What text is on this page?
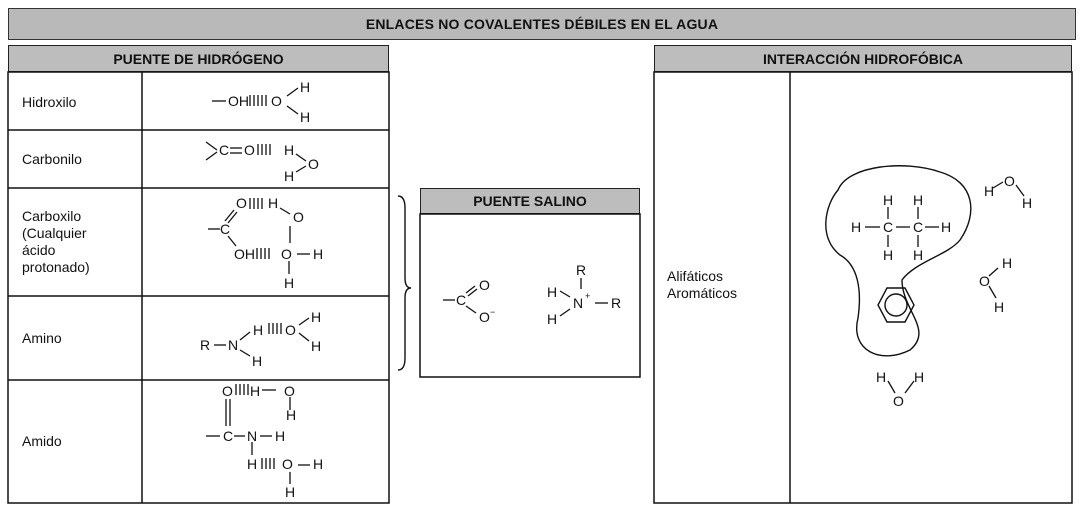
ENLACES NO COVALENTES DÉBILES EN EL AGUA
PUENTE DE HIDRÓGENO
PUENTE SALINO
INTERACCIÓN HIDROFÓBICA
Hidroxilo
Carbonilo
Carboxilo
(Cualquier
ácido
protonado)
Amino
Amido
Alifáticos
Aromáticos
OH O
H
H
C O H
O
H
O H
C
O
OH O H
H
R N
H
H
O
H
H
O H O
H
C N H
H O H
H
C
O
O −
R
H
N +
H
R
H H
H C C H
H H
H
O
H
H
O
H
H
O
H
